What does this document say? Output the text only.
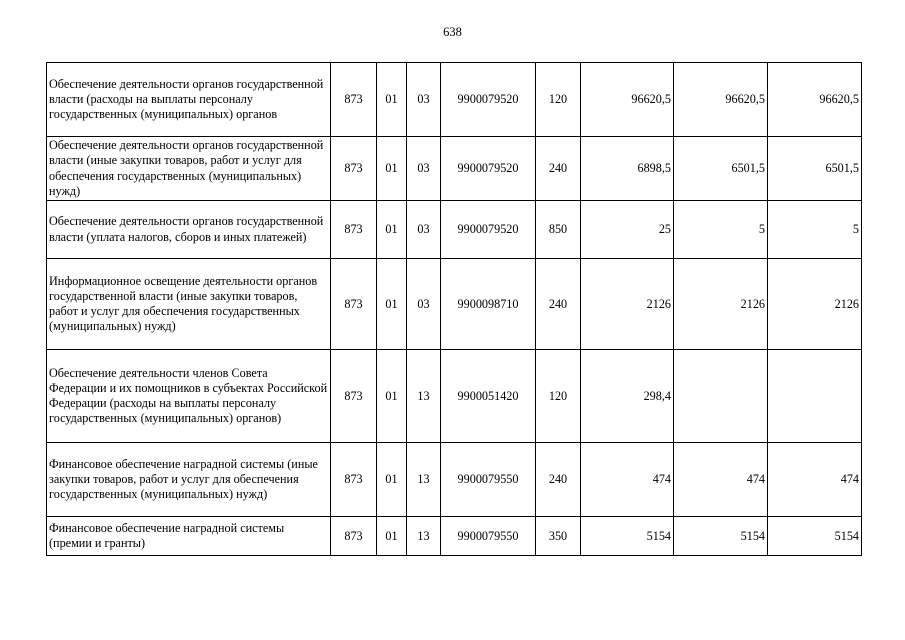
638
Обеспечение деятельности органов государственной власти (расходы на выплаты персоналу государственных (муниципальных) органов	873	01	03	9900079520	120	96620,5	96620,5	96620,5
Обеспечение деятельности органов государственной власти (иные закупки товаров, работ и услуг для обеспечения государственных (муниципальных) нужд)	873	01	03	9900079520	240	6898,5	6501,5	6501,5
Обеспечение деятельности органов государственной власти (уплата налогов, сборов и иных платежей)	873	01	03	9900079520	850	25	5	5
Информационное освещение деятельности органов государственной власти (иные закупки товаров, работ и услуг для обеспечения государственных (муниципальных) нужд)	873	01	03	9900098710	240	2126	2126	2126
Обеспечение деятельности членов Совета Федерации и их помощников в субъектах Российской Федерации (расходы на выплаты персоналу государственных (муниципальных) органов)	873	01	13	9900051420	120	298,4		
Финансовое обеспечение наградной системы (иные закупки товаров, работ и услуг для обеспечения государственных (муниципальных) нужд)	873	01	13	9900079550	240	474	474	474
Финансовое обеспечение наградной системы (премии и гранты)	873	01	13	9900079550	350	5154	5154	5154
